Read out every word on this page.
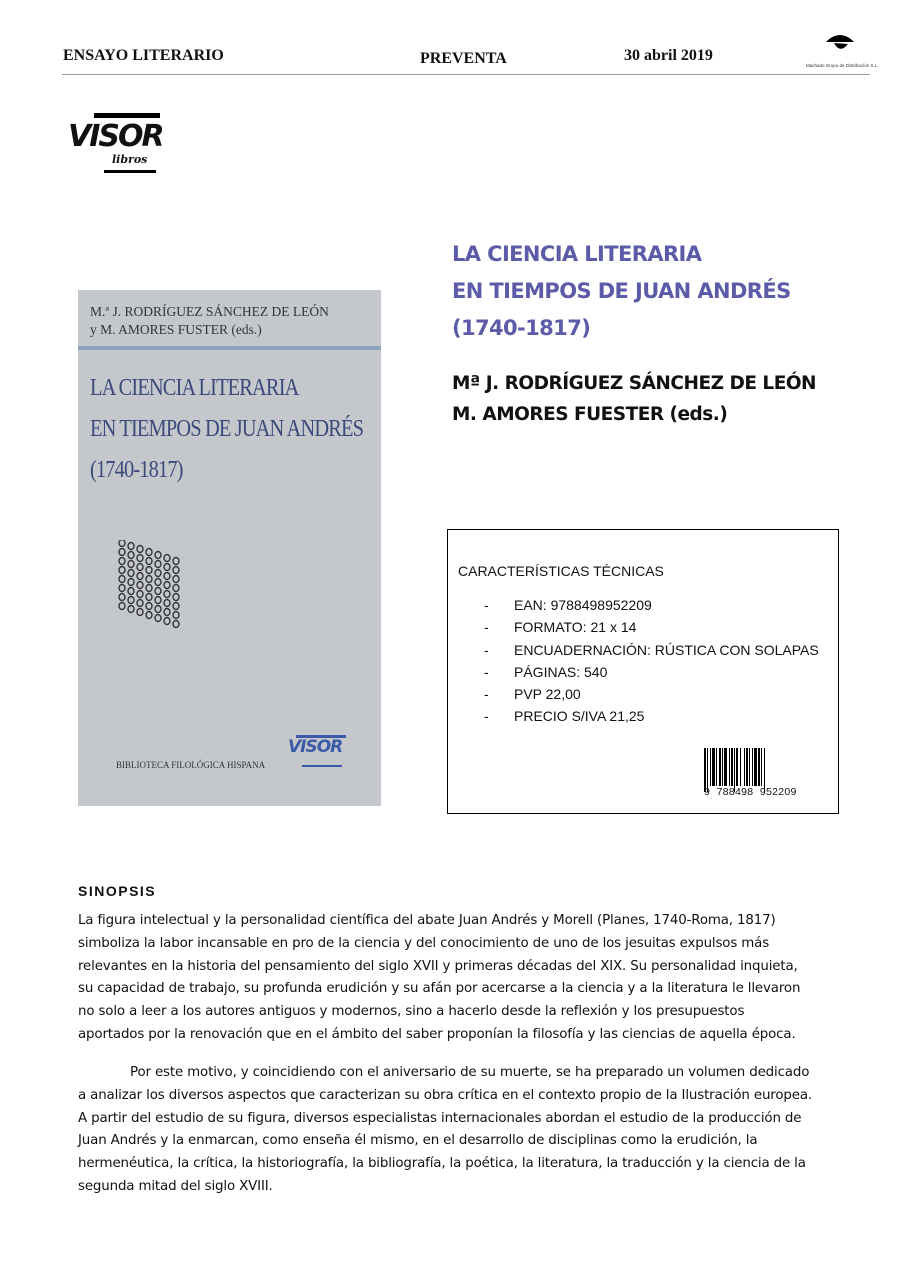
ENSAYO LITERARIO	PREVENTA	30 abril 2019
Machado Grupo de Distribución S.L.
VISOR
libros
LA CIENCIA LITERARIA
EN TIEMPOS DE JUAN ANDRÉS
(1740-1817)
Mª J. RODRÍGUEZ SÁNCHEZ DE LEÓN
M. AMORES FUESTER (eds.)
M.ª J. RODRÍGUEZ SÁNCHEZ DE LEÓN
y M. AMORES FUSTER (eds.)
LA CIENCIA LITERARIA
EN TIEMPOS DE JUAN ANDRÉS
(1740-1817)
BIBLIOTECA FILOLÓGICA HISPANA
VISOR
CARACTERÍSTICAS TÉCNICAS
- EAN: 9788498952209
- FORMATO: 21 x 14
- ENCUADERNACIÓN: RÚSTICA CON SOLAPAS
- PÁGINAS: 540
- PVP 22,00
- PRECIO S/IVA 21,25
9 788498 952209
SINOPSIS
La figura intelectual y la personalidad científica del abate Juan Andrés y Morell (Planes, 1740-Roma, 1817)
simboliza la labor incansable en pro de la ciencia y del conocimiento de uno de los jesuitas expulsos más
relevantes en la historia del pensamiento del siglo XVII y primeras décadas del XIX. Su personalidad inquieta,
su capacidad de trabajo, su profunda erudición y su afán por acercarse a la ciencia y a la literatura le llevaron
no solo a leer a los autores antiguos y modernos, sino a hacerlo desde la reflexión y los presupuestos
aportados por la renovación que en el ámbito del saber proponían la filosofía y las ciencias de aquella época.
Por este motivo, y coincidiendo con el aniversario de su muerte, se ha preparado un volumen dedicado
a analizar los diversos aspectos que caracterizan su obra crítica en el contexto propio de la Ilustración europea.
A partir del estudio de su figura, diversos especialistas internacionales abordan el estudio de la producción de
Juan Andrés y la enmarcan, como enseña él mismo, en el desarrollo de disciplinas como la erudición, la
hermenéutica, la crítica, la historiografía, la bibliografía, la poética, la literatura, la traducción y la ciencia de la
segunda mitad del siglo XVIII.
